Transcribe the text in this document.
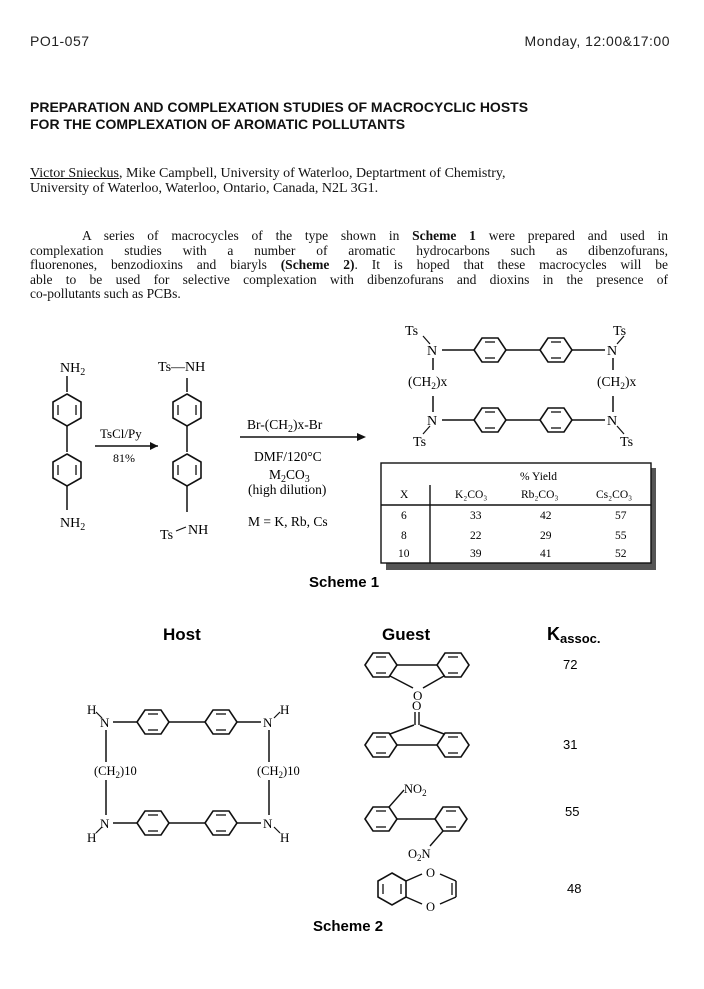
PO1-057	Monday, 12:00&17:00
PREPARATION AND COMPLEXATION STUDIES OF MACROCYCLIC HOSTS
FOR THE COMPLEXATION OF AROMATIC POLLUTANTS
Victor Snieckus, Mike Campbell, University of Waterloo, Deptartment of Chemistry,
University of Waterloo, Waterloo, Ontario, Canada, N2L 3G1.
A series of macrocycles of the type shown in Scheme 1 were prepared and used in
complexation studies with a number of aromatic hydrocarbons such as dibenzofurans,
fluorenones, benzodioxins and biaryls (Scheme 2). It is hoped that these macrocycles will be
able to be used for selective complexation with dibenzofurans and dioxins in the presence of
co-pollutants such as PCBs.
$NH_2$
$NH_2$
TsCl/Py
81%
Ts—NH
Ts NH
$Br-(CH_2)x-Br$
DMF/120°C
$M_2CO_3$
(high dilution)
M = K, Rb, Cs
Ts	Ts
Ts	Ts
N	N
N	N
$(CH_2)x$	$(CH_2)x$
% Yield
X	K₂CO₃	Rb₂CO₃	Cs₂CO₃
6	33	42	57
8	22	29	55
10	39	41	52
Scheme 1
Host	Guest	Kassoc.
H	H
H	H
N	N
N	N
$(CH_2)10$	$(CH_2)10$
O
72
O
31
$NO_2$
$O_2N$
55
O
O
48
Scheme 2
